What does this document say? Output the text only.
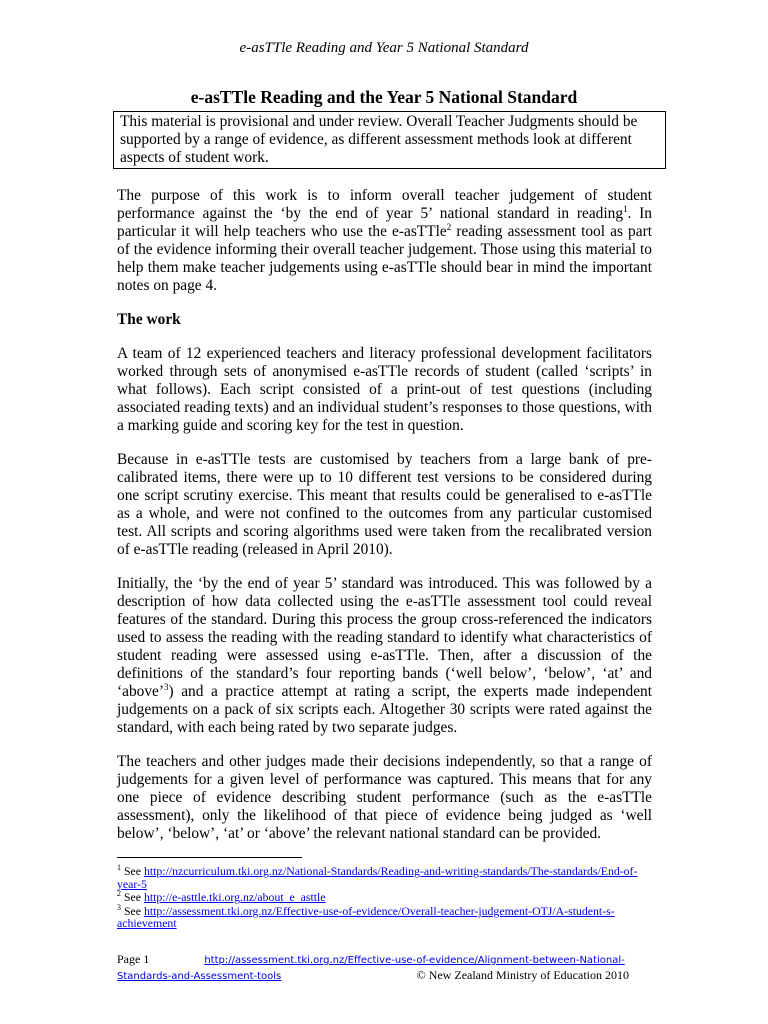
e-asTTle Reading and Year 5 National Standard
e-asTTle Reading and the Year 5 National Standard
This material is provisional and under review. Overall Teacher Judgments should be supported by a range of evidence, as different assessment methods look at different aspects of student work.

The purpose of this work is to inform overall teacher judgement of student performance against the ‘by the end of year 5’ national standard in reading$^1$. In particular it will help teachers who use the e-asTTle$^2$ reading assessment tool as part of the evidence informing their overall teacher judgement. Those using this material to help them make teacher judgements using e-asTTle should bear in mind the important notes on page 4.

The work

A team of 12 experienced teachers and literacy professional development facilitators worked through sets of anonymised e-asTTle records of student (called ‘scripts’ in what follows). Each script consisted of a print-out of test questions (including associated reading texts) and an individual student’s responses to those questions, with a marking guide and scoring key for the test in question.

Because in e-asTTle tests are customised by teachers from a large bank of pre-calibrated items, there were up to 10 different test versions to be considered during one script scrutiny exercise. This meant that results could be generalised to e-asTTle as a whole, and were not confined to the outcomes from any particular customised test. All scripts and scoring algorithms used were taken from the recalibrated version of e-asTTle reading (released in April 2010).

Initially, the ‘by the end of year 5’ standard was introduced. This was followed by a description of how data collected using the e-asTTle assessment tool could reveal features of the standard. During this process the group cross-referenced the indicators used to assess the reading with the reading standard to identify what characteristics of student reading were assessed using e-asTTle. Then, after a discussion of the definitions of the standard’s four reporting bands (‘well below’, ‘below’, ‘at’ and ‘above’$^3$) and a practice attempt at rating a script, the experts made independent judgements on a pack of six scripts each. Altogether 30 scripts were rated against the standard, with each being rated by two separate judges.

The teachers and other judges made their decisions independently, so that a range of judgements for a given level of performance was captured. This means that for any one piece of evidence describing student performance (such as the e-asTTle assessment), only the likelihood of that piece of evidence being judged as ‘well below’, ‘below’, ‘at’ or ‘above’ the relevant national standard can be provided.

$^1$ See http://nzcurriculum.tki.org.nz/National-Standards/Reading-and-writing-standards/The-standards/End-of-year-5
$^2$ See http://e-asttle.tki.org.nz/about_e_asttle
$^3$ See http://assessment.tki.org.nz/Effective-use-of-evidence/Overall-teacher-judgement-OTJ/A-student-s-achievement
Page 1	http://assessment.tki.org.nz/Effective-use-of-evidence/Alignment-between-National-Standards-and-Assessment-tools	© New Zealand Ministry of Education 2010
